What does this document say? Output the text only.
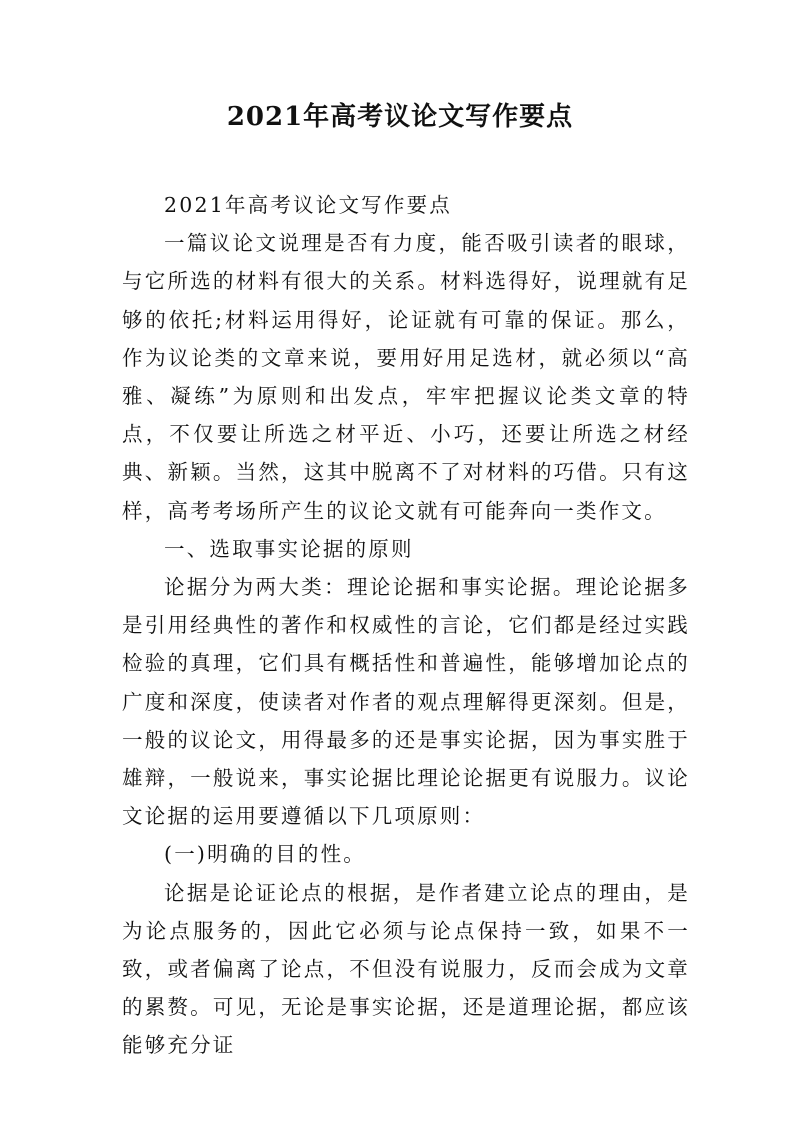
2021年高考议论文写作要点

2021年高考议论文写作要点

一篇议论文说理是否有力度，能否吸引读者的眼球，与它所选的材料有很大的关系。材料选得好，说理就有足够的依托;材料运用得好，论证就有可靠的保证。那么，作为议论类的文章来说，要用好用足选材，就必须以“高雅、凝练”为原则和出发点，牢牢把握议论类文章的特点，不仅要让所选之材平近、小巧，还要让所选之材经典、新颖。当然，这其中脱离不了对材料的巧借。只有这样，高考考场所产生的议论文就有可能奔向一类作文。

一、选取事实论据的原则

论据分为两大类：理论论据和事实论据。理论论据多是引用经典性的著作和权威性的言论，它们都是经过实践检验的真理，它们具有概括性和普遍性，能够增加论点的广度和深度，使读者对作者的观点理解得更深刻。但是，一般的议论文，用得最多的还是事实论据，因为事实胜于雄辩，一般说来，事实论据比理论论据更有说服力。议论文论据的运用要遵循以下几项原则：

(一)明确的目的性。

论据是论证论点的根据，是作者建立论点的理由，是为论点服务的，因此它必须与论点保持一致，如果不一致，或者偏离了论点，不但没有说服力，反而会成为文章的累赘。可见，无论是事实论据，还是道理论据，都应该能够充分证
